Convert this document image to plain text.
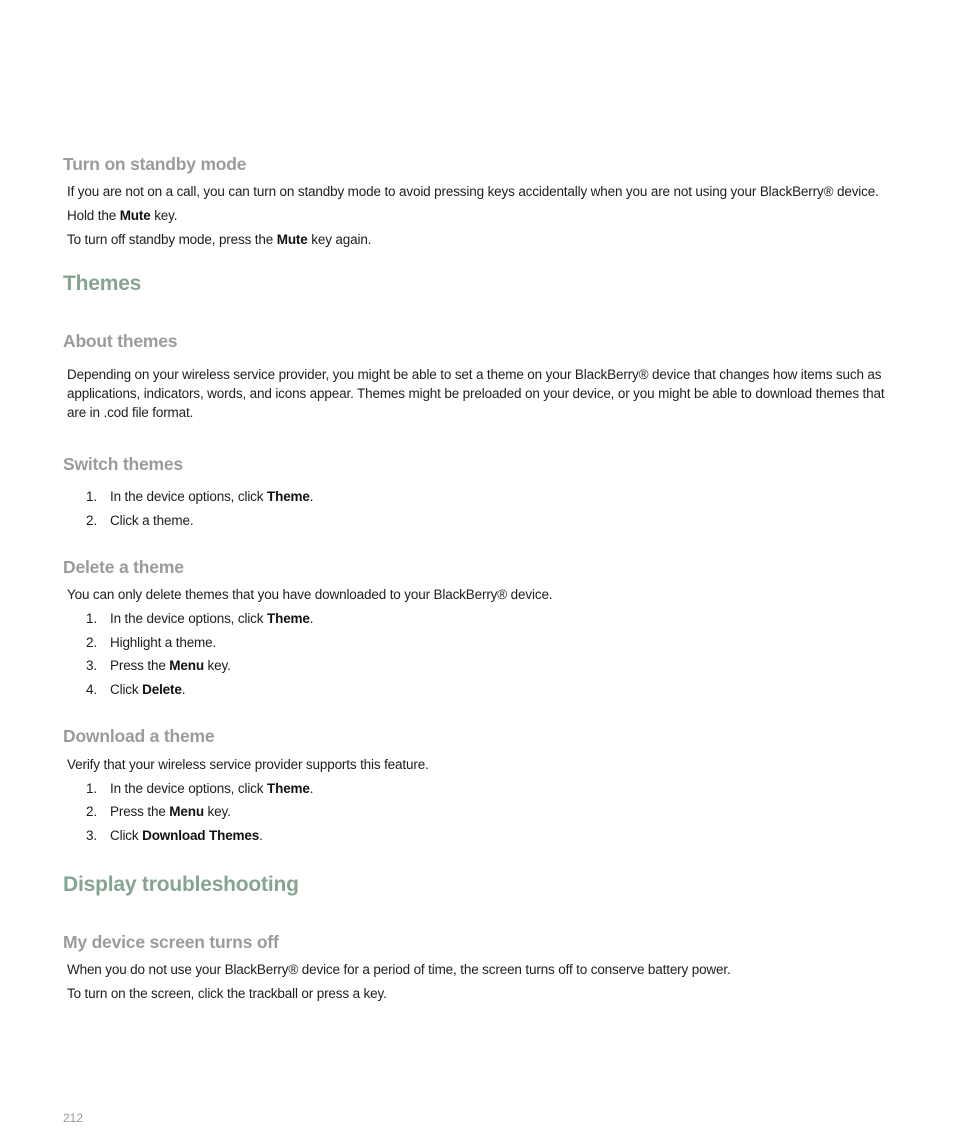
Turn on standby mode

If you are not on a call, you can turn on standby mode to avoid pressing keys accidentally when you are not using your BlackBerry® device.

Hold the Mute key.

To turn off standby mode, press the Mute key again.

Themes
About themes

Depending on your wireless service provider, you might be able to set a theme on your BlackBerry® device that changes how items such as applications, indicators, words, and icons appear. Themes might be preloaded on your device, or you might be able to download themes that are in .cod file format.

Switch themes

1. In the device options, click Theme.

2. Click a theme.

Delete a theme

You can only delete themes that you have downloaded to your BlackBerry® device.

1. In the device options, click Theme.

2. Highlight a theme.

3. Press the Menu key.

4. Click Delete.

Download a theme

Verify that your wireless service provider supports this feature.

1. In the device options, click Theme.

2. Press the Menu key.

3. Click Download Themes.

Display troubleshooting
My device screen turns off

When you do not use your BlackBerry® device for a period of time, the screen turns off to conserve battery power.

To turn on the screen, click the trackball or press a key.

212
